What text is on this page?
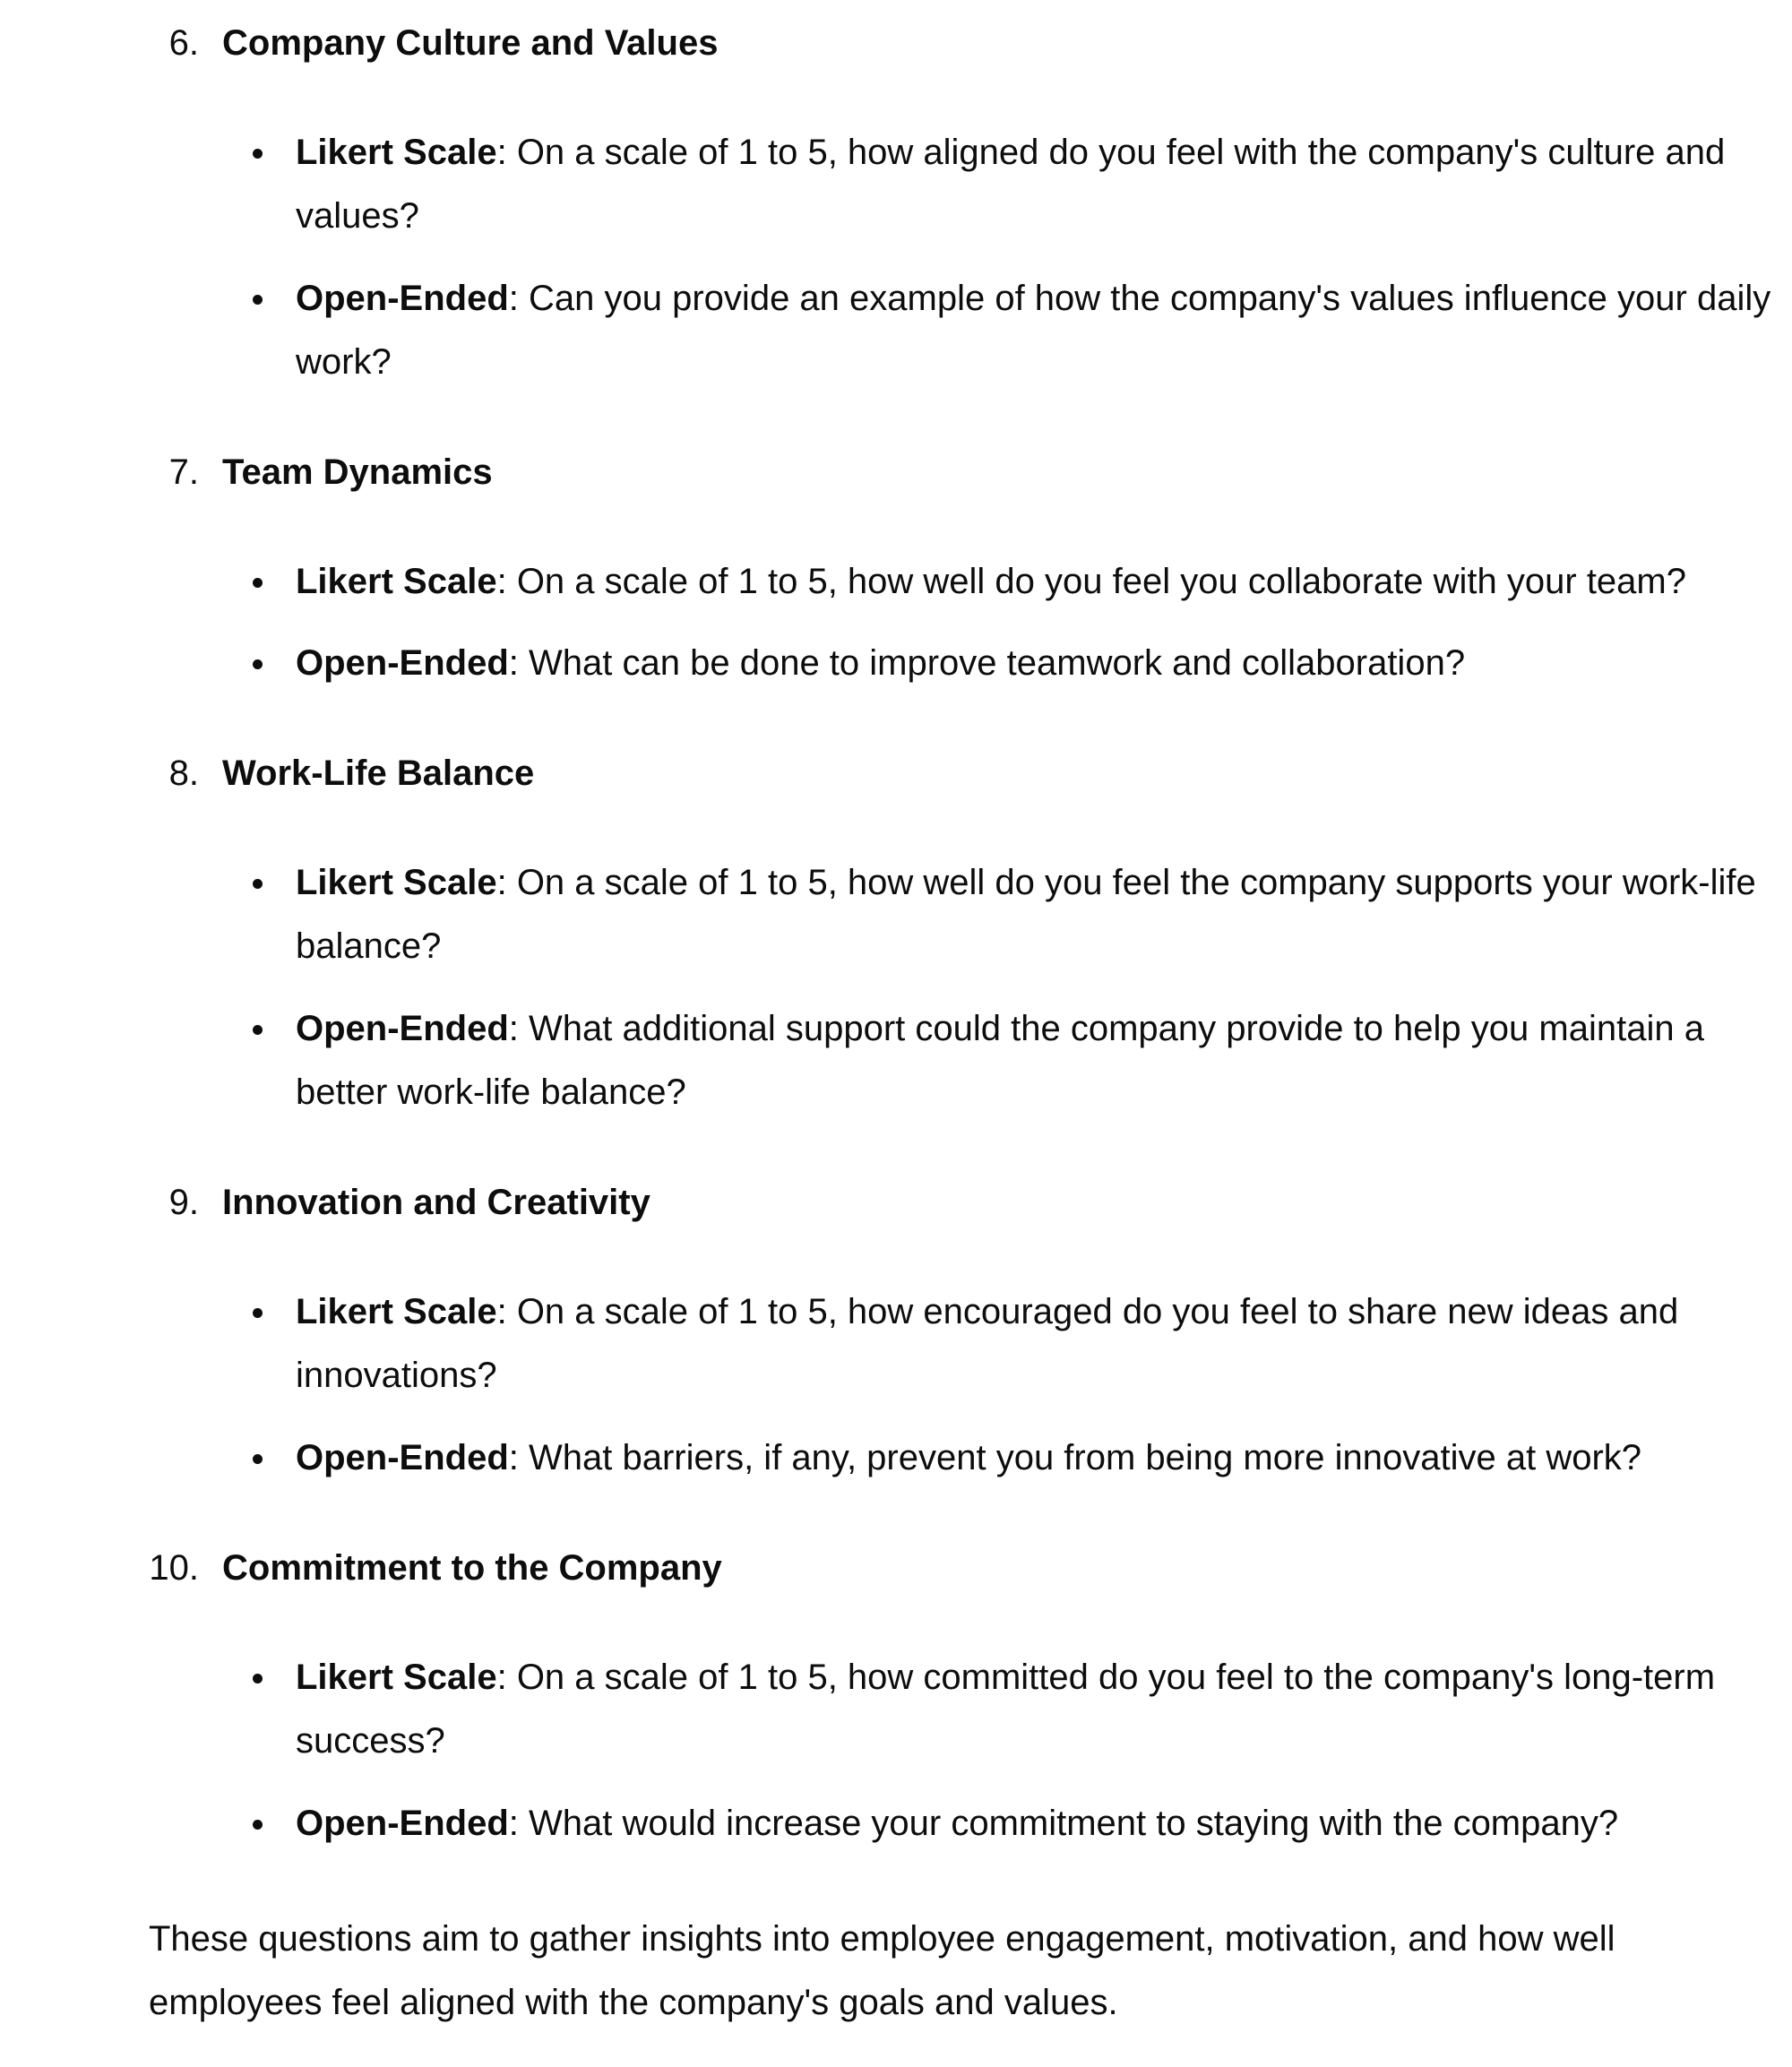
6. Company Culture and Values
Likert Scale: On a scale of 1 to 5, how aligned do you feel with the company's culture and values?
Open-Ended: Can you provide an example of how the company's values influence your daily work?
7. Team Dynamics
Likert Scale: On a scale of 1 to 5, how well do you feel you collaborate with your team?
Open-Ended: What can be done to improve teamwork and collaboration?
8. Work-Life Balance
Likert Scale: On a scale of 1 to 5, how well do you feel the company supports your work-life balance?
Open-Ended: What additional support could the company provide to help you maintain a better work-life balance?
9. Innovation and Creativity
Likert Scale: On a scale of 1 to 5, how encouraged do you feel to share new ideas and innovations?
Open-Ended: What barriers, if any, prevent you from being more innovative at work?
10. Commitment to the Company
Likert Scale: On a scale of 1 to 5, how committed do you feel to the company's long-term success?
Open-Ended: What would increase your commitment to staying with the company?
These questions aim to gather insights into employee engagement, motivation, and how well employees feel aligned with the company's goals and values.
